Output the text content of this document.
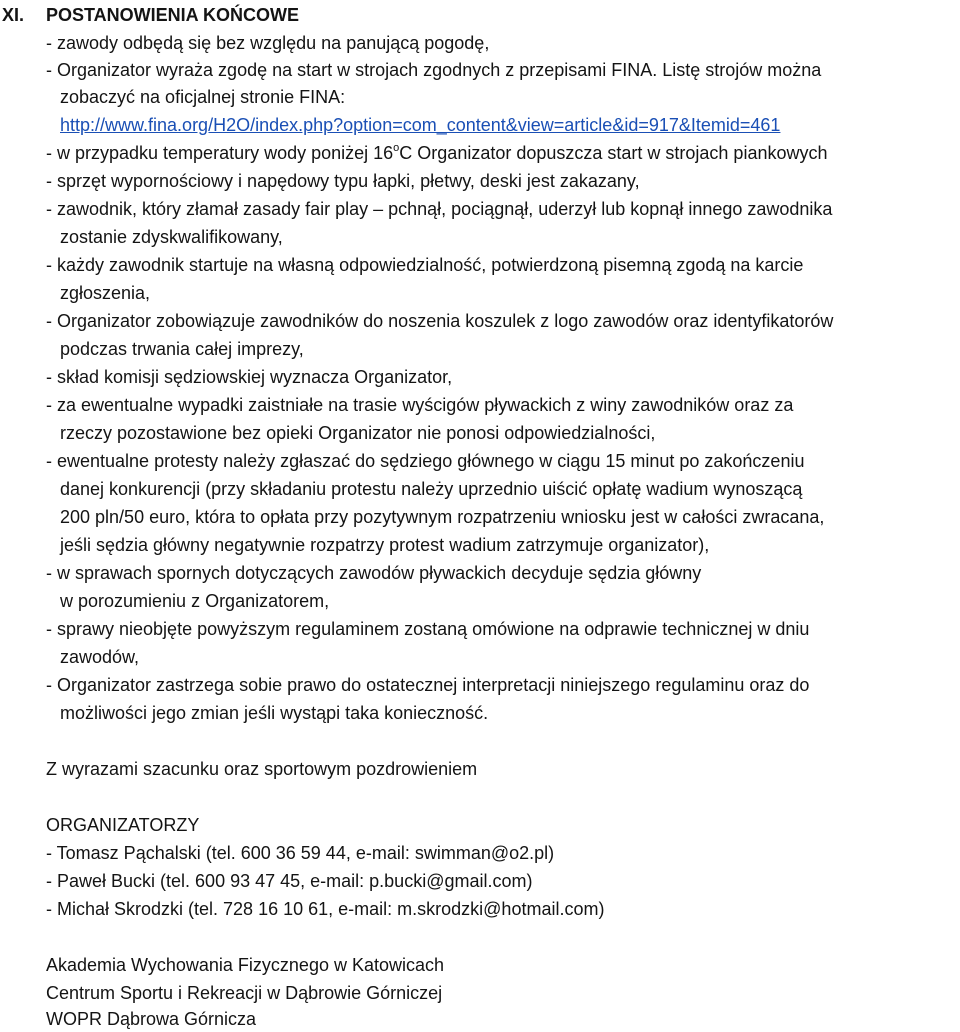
XI. POSTANOWIENIA KOŃCOWE
- zawody odbędą się bez względu na panującą pogodę,
- Organizator wyraża zgodę na start w strojach zgodnych z przepisami FINA. Listę strojów można
zobaczyć na oficjalnej stronie FINA:
http://www.fina.org/H2O/index.php?option=com_content&view=article&id=917&Itemid=461
- w przypadku temperatury wody poniżej 16$^o$C Organizator dopuszcza start w strojach piankowych
- sprzęt wypornościowy i napędowy typu łapki, płetwy, deski jest zakazany,
- zawodnik, który złamał zasady fair play – pchnął, pociągnął, uderzył lub kopnął innego zawodnika
zostanie zdyskwalifikowany,
- każdy zawodnik startuje na własną odpowiedzialność, potwierdzoną pisemną zgodą na karcie
zgłoszenia,
- Organizator zobowiązuje zawodników do noszenia koszulek z logo zawodów oraz identyfikatorów
podczas trwania całej imprezy,
- skład komisji sędziowskiej wyznacza Organizator,
- za ewentualne wypadki zaistniałe na trasie wyścigów pływackich z winy zawodników oraz za
rzeczy pozostawione bez opieki Organizator nie ponosi odpowiedzialności,
- ewentualne protesty należy zgłaszać do sędziego głównego w ciągu 15 minut po zakończeniu
danej konkurencji (przy składaniu protestu należy uprzednio uiścić opłatę wadium wynoszącą
200 pln/50 euro, która to opłata przy pozytywnym rozpatrzeniu wniosku jest w całości zwracana,
jeśli sędzia główny negatywnie rozpatrzy protest wadium zatrzymuje organizator),
- w sprawach spornych dotyczących zawodów pływackich decyduje sędzia główny
w porozumieniu z Organizatorem,
- sprawy nieobjęte powyższym regulaminem zostaną omówione na odprawie technicznej w dniu
zawodów,
- Organizator zastrzega sobie prawo do ostatecznej interpretacji niniejszego regulaminu oraz do
możliwości jego zmian jeśli wystąpi taka konieczność.
Z wyrazami szacunku oraz sportowym pozdrowieniem
ORGANIZATORZY
- Tomasz Pąchalski (tel. 600 36 59 44, e-mail: swimman@o2.pl)
- Paweł Bucki (tel. 600 93 47 45, e-mail: p.bucki@gmail.com)
- Michał Skrodzki (tel. 728 16 10 61, e-mail: m.skrodzki@hotmail.com)
Akademia Wychowania Fizycznego w Katowicach
Centrum Sportu i Rekreacji w Dąbrowie Górniczej
WOPR Dąbrowa Górnicza
